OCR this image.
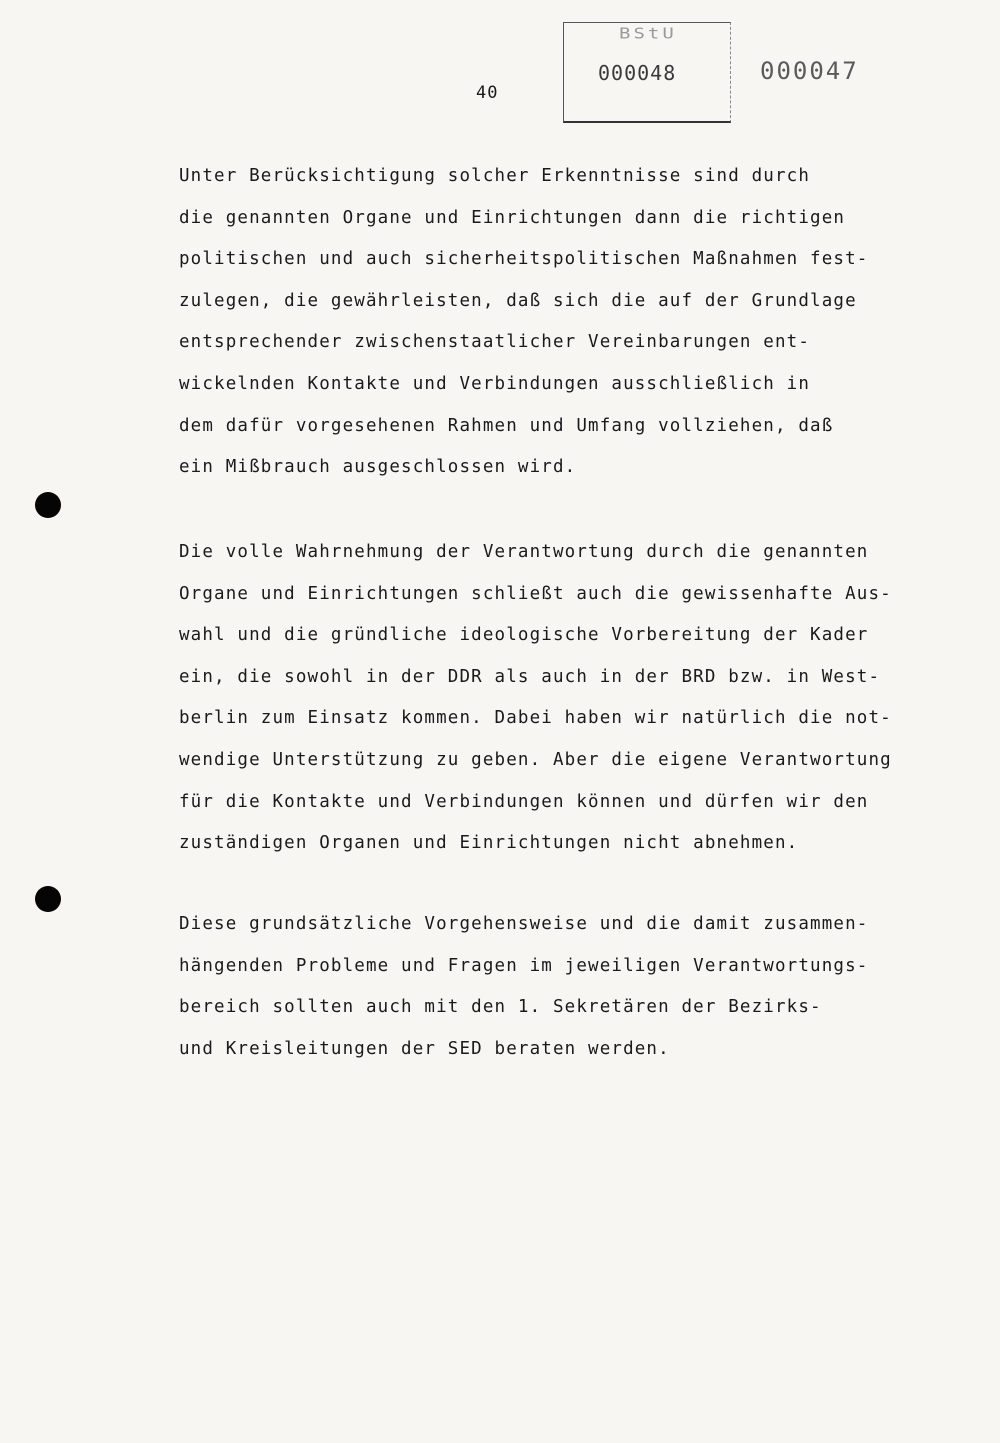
40
BStU
000048	000047
Unter Berücksichtigung solcher Erkenntnisse sind durch
die genannten Organe und Einrichtungen dann die richtigen
politischen und auch sicherheitspolitischen Maßnahmen fest-
zulegen, die gewährleisten, daß sich die auf der Grundlage
entsprechender zwischenstaatlicher Vereinbarungen ent-
wickelnden Kontakte und Verbindungen ausschließlich in
dem dafür vorgesehenen Rahmen und Umfang vollziehen, daß
ein Mißbrauch ausgeschlossen wird.
Die volle Wahrnehmung der Verantwortung durch die genannten
Organe und Einrichtungen schließt auch die gewissenhafte Aus-
wahl und die gründliche ideologische Vorbereitung der Kader
ein, die sowohl in der DDR als auch in der BRD bzw. in West-
berlin zum Einsatz kommen. Dabei haben wir natürlich die not-
wendige Unterstützung zu geben. Aber die eigene Verantwortung
für die Kontakte und Verbindungen können und dürfen wir den
zuständigen Organen und Einrichtungen nicht abnehmen.
Diese grundsätzliche Vorgehensweise und die damit zusammen-
hängenden Probleme und Fragen im jeweiligen Verantwortungs-
bereich sollten auch mit den 1. Sekretären der Bezirks-
und Kreisleitungen der SED beraten werden.
